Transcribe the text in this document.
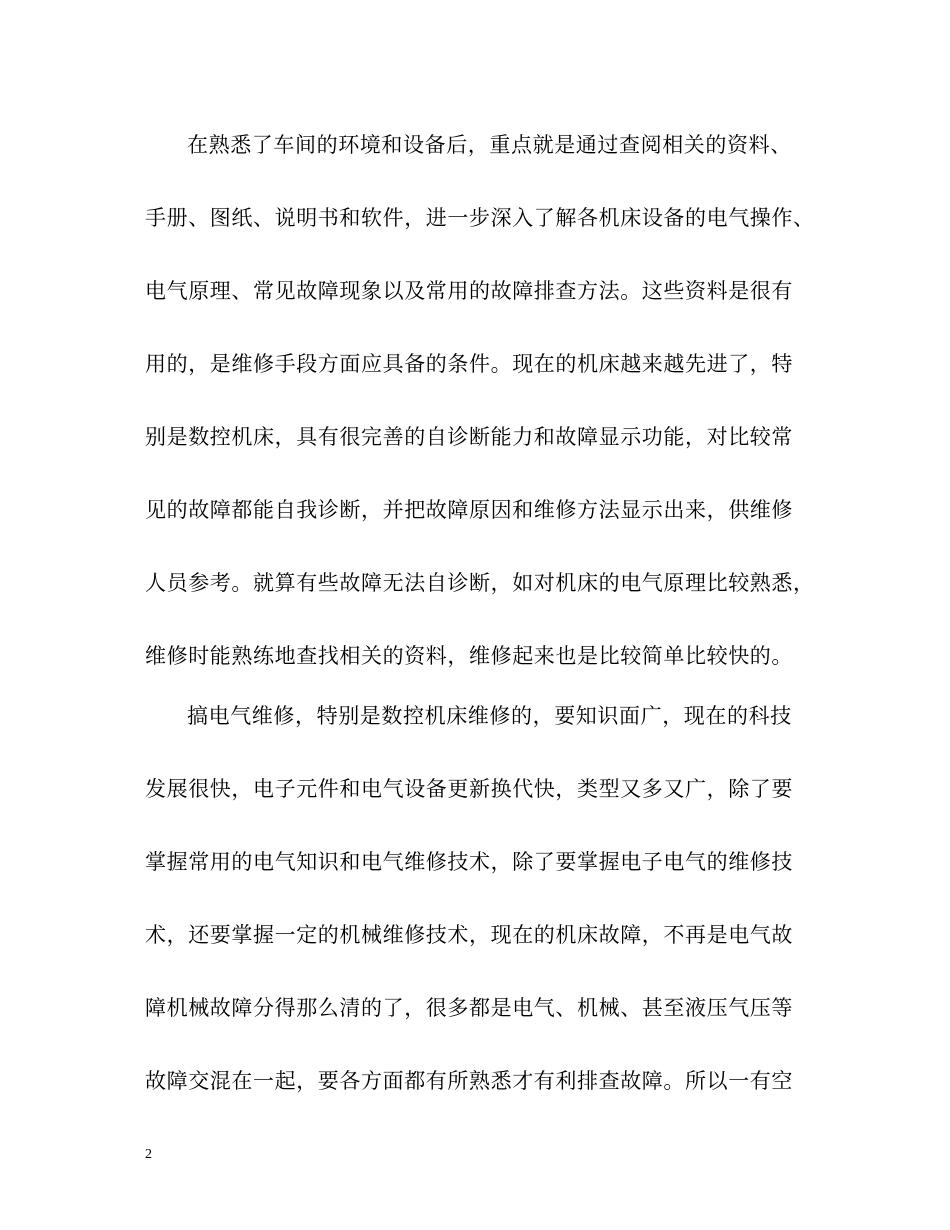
在熟悉了车间的环境和设备后，重点就是通过查阅相关的资料、
手册、图纸、说明书和软件，进一步深入了解各机床设备的电气操作、
电气原理、常见故障现象以及常用的故障排查方法。这些资料是很有
用的，是维修手段方面应具备的条件。现在的机床越来越先进了，特
别是数控机床，具有很完善的自诊断能力和故障显示功能，对比较常
见的故障都能自我诊断，并把故障原因和维修方法显示出来，供维修
人员参考。就算有些故障无法自诊断，如对机床的电气原理比较熟悉，
维修时能熟练地查找相关的资料，维修起来也是比较简单比较快的。
搞电气维修，特别是数控机床维修的，要知识面广，现在的科技
发展很快，电子元件和电气设备更新换代快，类型又多又广，除了要
掌握常用的电气知识和电气维修技术，除了要掌握电子电气的维修技
术，还要掌握一定的机械维修技术，现在的机床故障，不再是电气故
障机械故障分得那么清的了，很多都是电气、机械、甚至液压气压等
故障交混在一起，要各方面都有所熟悉才有利排查故障。所以一有空
2
